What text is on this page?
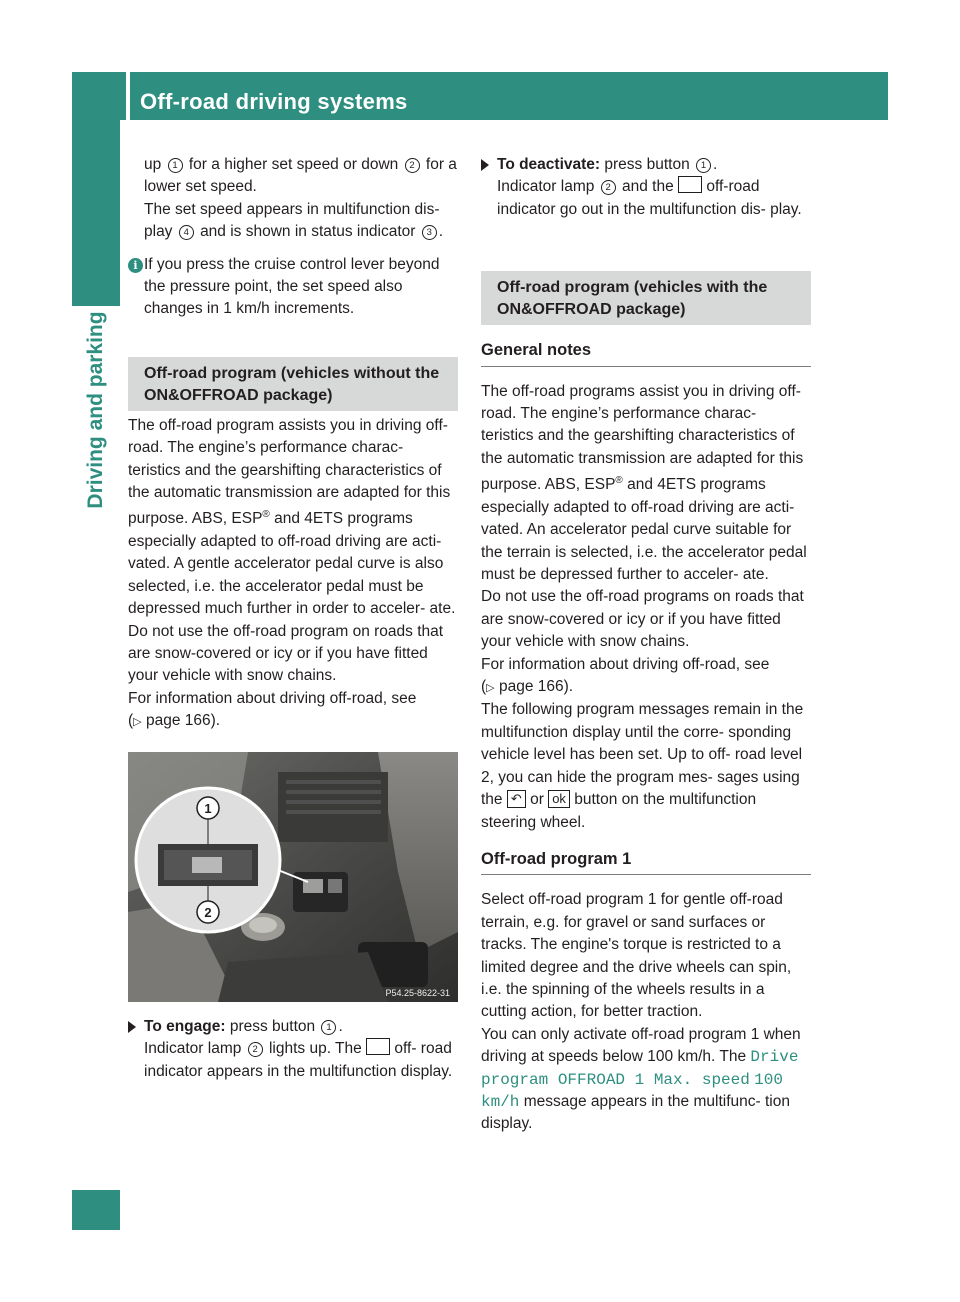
222 Off-road driving systems
Driving and parking

up 1 for a higher set speed or down 2 for a lower set speed.

The set speed appears in multifunction dis- play 4 and is shown in status indicator 3 .

i If you press the cruise control lever beyond the pressure point, the set speed also changes in 1 km/h increments.

Off-road program (vehicles without the ON&OFFROAD package)

The off-road program assists you in driving off-road. The engine’s performance charac- teristics and the gearshifting characteristics of the automatic transmission are adapted for this purpose. ABS, ESP® and 4ETS programs especially adapted to off-road driving are acti- vated. A gentle accelerator pedal curve is also selected, i.e. the accelerator pedal must be depressed much further in order to acceler- ate.

Do not use the off-road program on roads that are snow-covered or icy or if you have fitted your vehicle with snow chains.

For information about driving off-road, see
(▷ page 166).

1
2
P54.25-8622-31

To engage: press button 1 .
Indicator lamp 2 lights up. The off- road indicator appears in the multifunction display.

To deactivate: press button 1 .
Indicator lamp 2 and the off-road indicator go out in the multifunction dis- play.

Off-road program (vehicles with the ON&OFFROAD package)
General notes

The off-road programs assist you in driving off-road. The engine’s performance charac- teristics and the gearshifting characteristics of the automatic transmission are adapted for this purpose. ABS, ESP® and 4ETS programs especially adapted to off-road driving are acti- vated. An accelerator pedal curve suitable for the terrain is selected, i.e. the accelerator pedal must be depressed further to acceler- ate.

Do not use the off-road programs on roads that are snow-covered or icy or if you have fitted your vehicle with snow chains.

For information about driving off-road, see
(▷ page 166).

The following program messages remain in the multifunction display until the corre- sponding vehicle level has been set. Up to off- road level 2, you can hide the program mes- sages using the ↶ or ok button on the multifunction steering wheel.

Off-road program 1

Select off-road program 1 for gentle off-road terrain, e.g. for gravel or sand surfaces or tracks. The engine's torque is restricted to a limited degree and the drive wheels can spin, i.e. the spinning of the wheels results in a cutting action, for better traction.

You can only activate off-road program 1 when driving at speeds below 100 km/h. The Drive program OFFROAD 1 Max. speed 100 km/h message appears in the multifunc- tion display.
